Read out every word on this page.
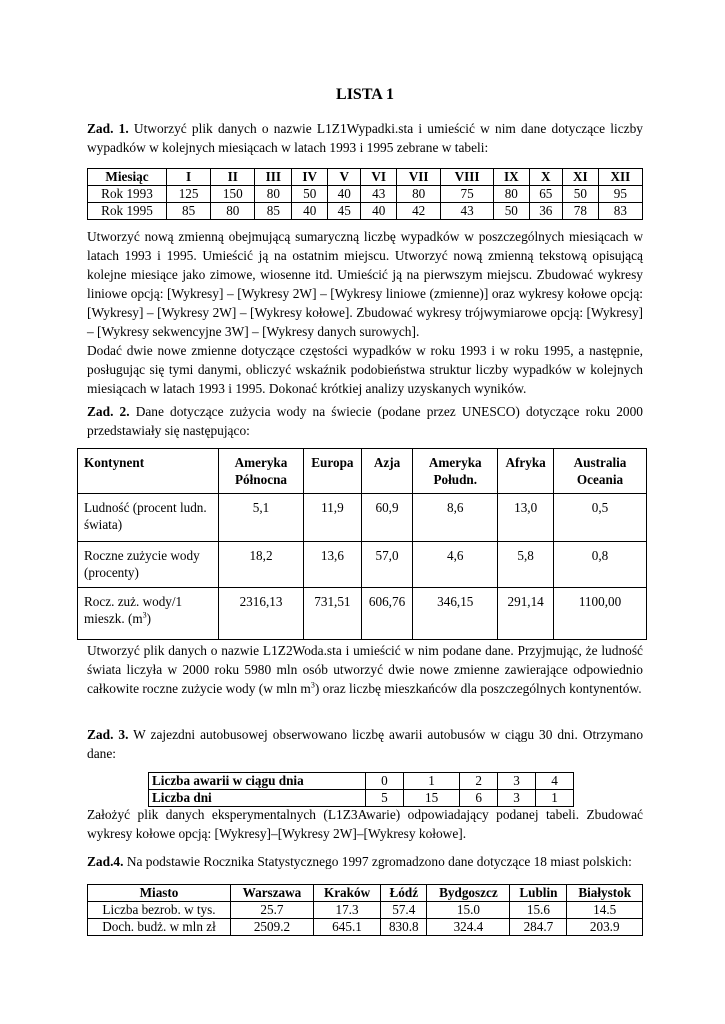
LISTA 1

Zad. 1. Utworzyć plik danych o nazwie L1Z1Wypadki.sta i umieścić w nim dane dotyczące liczby wypadków w kolejnych miesiącach w latach 1993 i 1995 zebrane w tabeli:

Miesiąc	I	II	III	IV	V	VI	VII	VIII	IX	X	XI	XII
Rok 1993	125	150	80	50	40	43	80	75	80	65	50	95
Rok 1995	85	80	85	40	45	40	42	43	50	36	78	83

Utworzyć nową zmienną obejmującą sumaryczną liczbę wypadków w poszczególnych miesiącach w latach 1993 i 1995. Umieścić ją na ostatnim miejscu. Utworzyć nową zmienną tekstową opisującą kolejne miesiące jako zimowe, wiosenne itd. Umieścić ją na pierwszym miejscu. Zbudować wykresy liniowe opcją: [Wykresy] – [Wykresy 2W] – [Wykresy liniowe (zmienne)] oraz wykresy kołowe opcją: [Wykresy] – [Wykresy 2W] – [Wykresy kołowe]. Zbudować wykresy trójwymiarowe opcją: [Wykresy] – [Wykresy sekwencyjne 3W] – [Wykresy danych surowych].

Dodać dwie nowe zmienne dotyczące częstości wypadków w roku 1993 i w roku 1995, a następnie, posługując się tymi danymi, obliczyć wskaźnik podobieństwa struktur liczby wypadków w kolejnych miesiącach w latach 1993 i 1995. Dokonać krótkiej analizy uzyskanych wyników.

Zad. 2. Dane dotyczące zużycia wody na świecie (podane przez UNESCO) dotyczące roku 2000 przedstawiały się następująco:

Kontynent	Ameryka Północna	Europa	Azja	Ameryka Połudn.	Afryka	Australia Oceania
Ludność (procent ludn. świata)	5,1	11,9	60,9	8,6	13,0	0,5
Roczne zużycie wody (procenty)	18,2	13,6	57,0	4,6	5,8	0,8
Rocz. zuż. wody/1 mieszk. $(m^3)$	2316,13	731,51	606,76	346,15	291,14	1100,00

Utworzyć plik danych o nazwie L1Z2Woda.sta i umieścić w nim podane dane. Przyjmując, że ludność świata liczyła w 2000 roku 5980 mln osób utworzyć dwie nowe zmienne zawierające odpowiednio całkowite roczne zużycie wody (w mln $m^3$) oraz liczbę mieszkańców dla poszczególnych kontynentów.

Zad. 3. W zajezdni autobusowej obserwowano liczbę awarii autobusów w ciągu 30 dni. Otrzymano dane:

Liczba awarii w ciągu dnia	0	1	2	3	4
Liczba dni	5	15	6	3	1

Założyć plik danych eksperymentalnych (L1Z3Awarie) odpowiadający podanej tabeli. Zbudować wykresy kołowe opcją: [Wykresy]–[Wykresy 2W]–[Wykresy kołowe].

Zad.4. Na podstawie Rocznika Statystycznego 1997 zgromadzono dane dotyczące 18 miast polskich:

Miasto	Warszawa	Kraków	Łódź	Bydgoszcz	Lublin	Białystok
Liczba bezrob. w tys.	25.7	17.3	57.4	15.0	15.6	14.5
Doch. budż. w mln zł	2509.2	645.1	830.8	324.4	284.7	203.9
